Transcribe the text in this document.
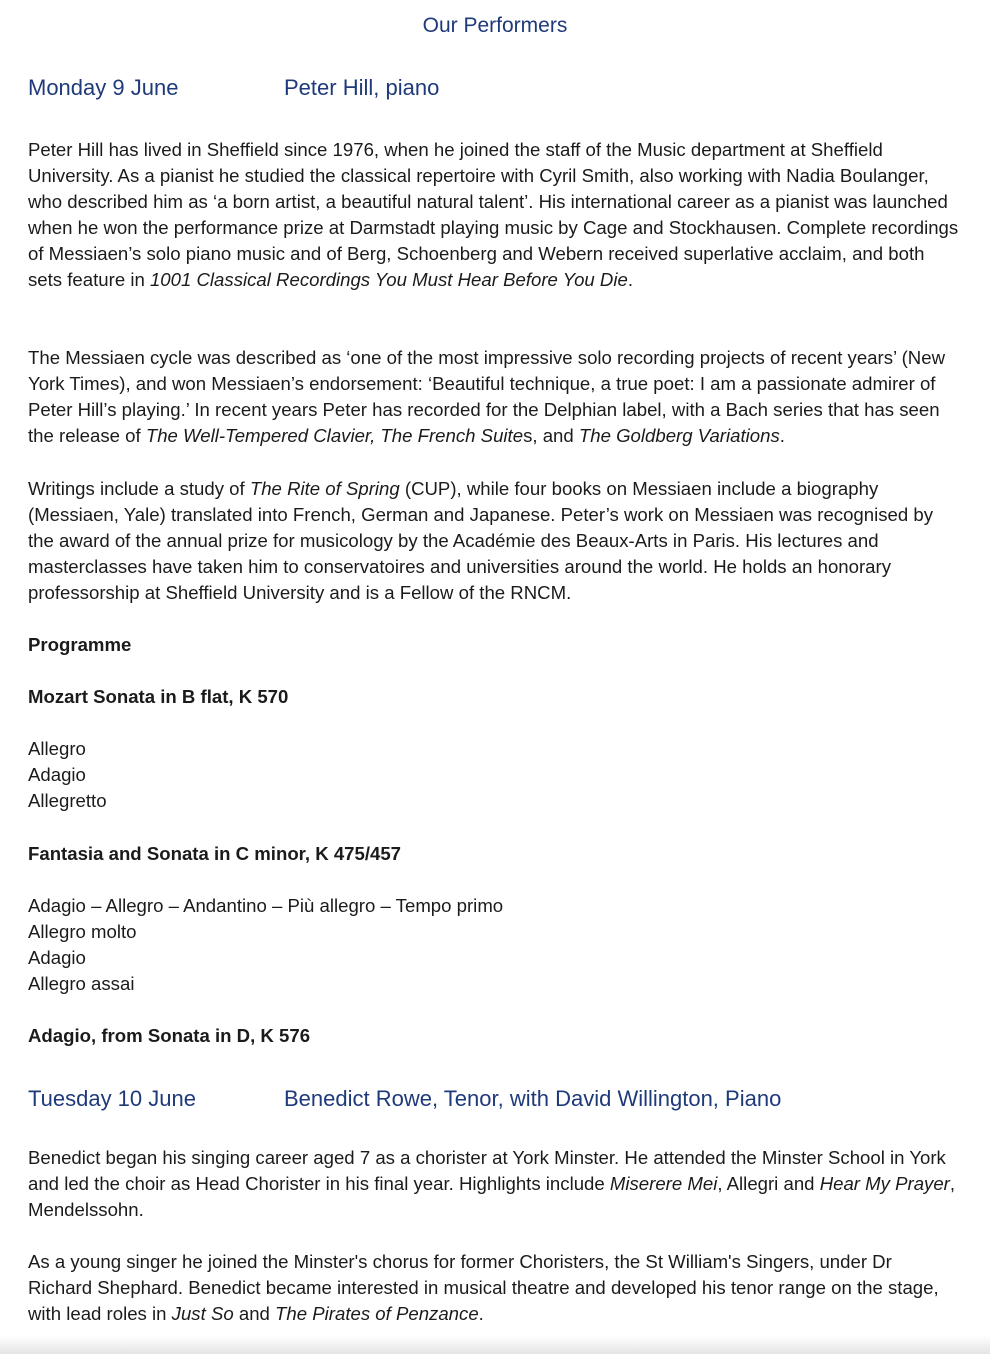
Our Performers
Monday 9 June	Peter Hill, piano

Peter Hill has lived in Sheffield since 1976, when he joined the staff of the Music department at Sheffield University. As a pianist he studied the classical repertoire with Cyril Smith, also working with Nadia Boulanger, who described him as ‘a born artist, a beautiful natural talent’. His international career as a pianist was launched when he won the performance prize at Darmstadt playing music by Cage and Stockhausen. Complete recordings of Messiaen’s solo piano music and of Berg, Schoenberg and Webern received superlative acclaim, and both sets feature in 1001 Classical Recordings You Must Hear Before You Die.

The Messiaen cycle was described as ‘one of the most impressive solo recording projects of recent years’ (New York Times), and won Messiaen’s endorsement: ‘Beautiful technique, a true poet: I am a passionate admirer of Peter Hill’s playing.’ In recent years Peter has recorded for the Delphian label, with a Bach series that has seen the release of The Well-Tempered Clavier, The French Suites, and The Goldberg Variations.

Writings include a study of The Rite of Spring (CUP), while four books on Messiaen include a biography (Messiaen, Yale) translated into French, German and Japanese. Peter’s work on Messiaen was recognised by the award of the annual prize for musicology by the Académie des Beaux-Arts in Paris. His lectures and masterclasses have taken him to conservatoires and universities around the world. He holds an honorary professorship at Sheffield University and is a Fellow of the RNCM.

Programme
Mozart Sonata in B flat, K 570
Allegro
Adagio
Allegretto
Fantasia and Sonata in C minor, K 475/457
Adagio – Allegro – Andantino – Più allegro – Tempo primo
Allegro molto
Adagio
Allegro assai
Adagio, from Sonata in D, K 576
Tuesday 10 June	Benedict Rowe, Tenor, with David Willington, Piano

Benedict began his singing career aged 7 as a chorister at York Minster. He attended the Minster School in York and led the choir as Head Chorister in his final year. Highlights include Miserere Mei, Allegri and Hear My Prayer, Mendelssohn.

As a young singer he joined the Minster's chorus for former Choristers, the St William's Singers, under Dr Richard Shephard. Benedict became interested in musical theatre and developed his tenor range on the stage, with lead roles in Just So and The Pirates of Penzance.
